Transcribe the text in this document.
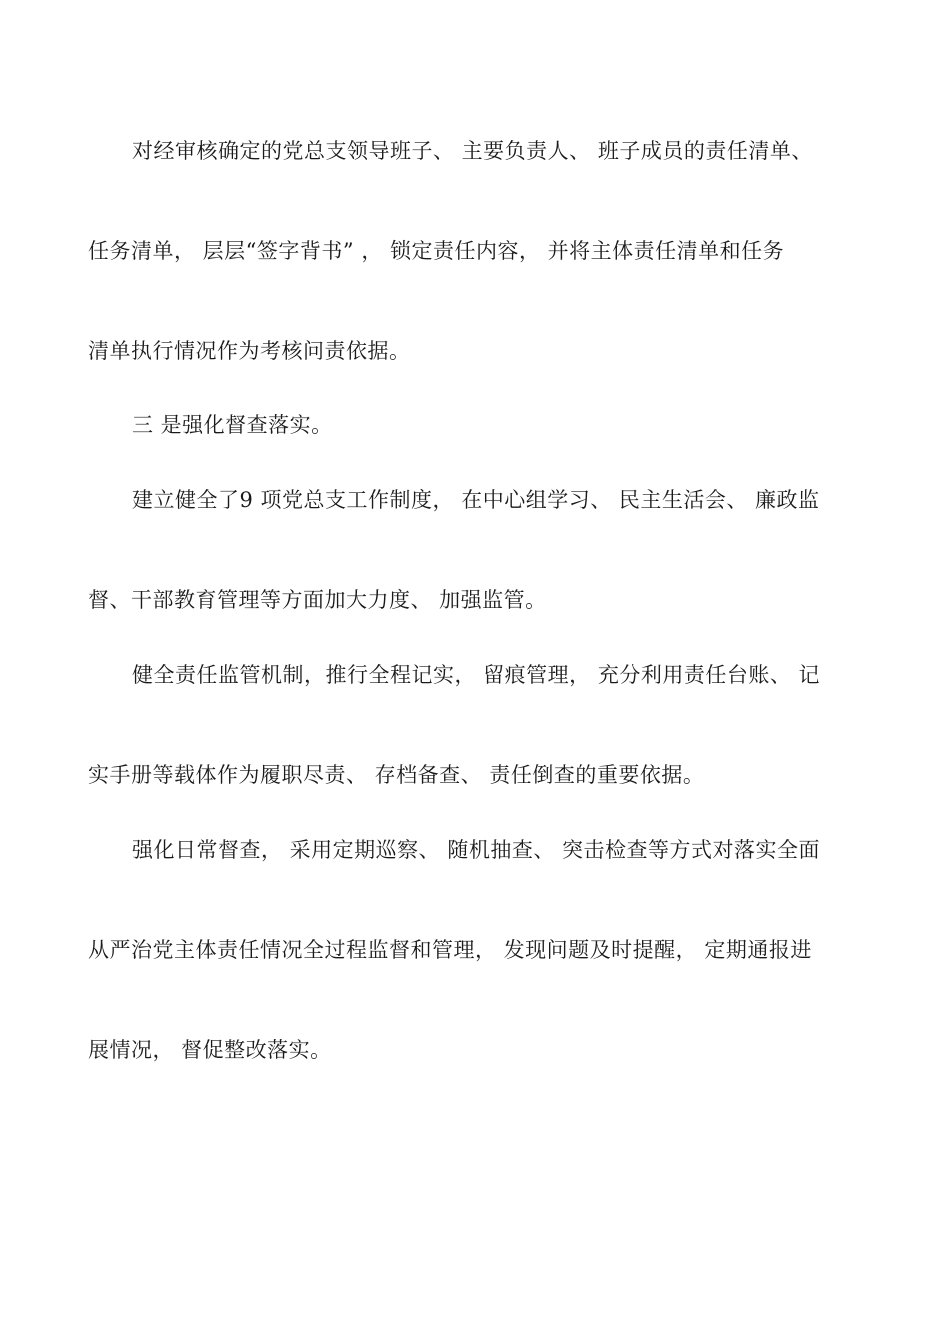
对经审核确定的党总支领导班子、 主要负责人、 班子成员的责任清单、
任务清单， 层层“签字背书” ， 锁定责任内容， 并将主体责任清单和任务
清单执行情况作为考核问责依据。
三 是强化督查落实。
建立健全了9 项党总支工作制度， 在中心组学习、 民主生活会、 廉政监
督、干部教育管理等方面加大力度、 加强监管。
健全责任监管机制，推行全程记实， 留痕管理， 充分利用责任台账、 记
实手册等载体作为履职尽责、 存档备查、 责任倒查的重要依据。
强化日常督查， 采用定期巡察、 随机抽查、 突击检查等方式对落实全面
从严治党主体责任情况全过程监督和管理， 发现问题及时提醒， 定期通报进
展情况， 督促整改落实。
